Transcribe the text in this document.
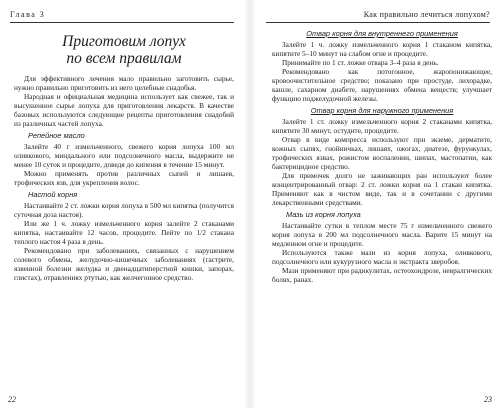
Глава 3
Приготовим лопух
по всем правилам

Для эффективного лечения мало правильно заготовить сырье, нужно правильно приготовить из него целебные снадобья.

Народная и официальная медицина использует как свежее, так и высушенное сырье лопуха для приготовления лекарств. В качестве базовых используются следующие рецепты приготовления снадобий из различных частей лопуха.

Репейное масло

Залейте 40 г измельченного, свежего корня лопуха 100 мл оливкового, миндального или подсолнечного масла, выдержите не менее 10 суток и процедите, доведя до кипения в течение 15 минут.

Можно применять против различных сыпей и лишаев, трофических язв, для укрепления волос.

Настой корня

Настаивайте 2 ст. ложки корня лопуха в 500 мл кипятка (получится суточная доза настоя).

Или же 1 ч. ложку измельченного корня залейте 2 стаканами кипятка, настаивайте 12 часов, процедите. Пейте по 1/2 стакана теплого настоя 4 раза в день.

Рекомендовано при заболеваниях, связанных с нарушением солевого обмена, желудочно-кишечных заболеваниях (гастрите, язвенной болезни желудка и двенадцатиперстной кишки, запорах, глистах), отравлениях ртутью, как желчегонное средство.

22
Как правильно лечиться лопухом?
Отвар корня для внутреннего применения

Залейте 1 ч. ложку измельченного корня 1 стаканом кипятка, кипятите 5–10 минут на слабом огне и процедите.

Принимайте по 1 ст. ложке отвара 3–4 раза в день.

Рекомендовано как потогонное, жаропонижающее, кровоочистительное средство; показано при простуде, лихорадке, кашле, сахарном диабете, нарушениях обмена веществ; улучшает функцию поджелудочной железы.

Отвар корня для наружного применения

Залейте 1 ст. ложку измельченного корня 2 стаканами кипятка, кипятите 30 минут, остудите, процедите.

Отвар в виде компресса используют при экземе, дерматите, кожных сыпях, гнойничках, лишаях, ожогах, диатезе, фурункулах, трофических язвах, рожистом воспалении, шипах, мастопатии, как бактерицидное средство.

Для примочек долго не заживающих ран используют более концентрированный отвар: 2 ст. ложки корня на 1 стакан кипятка. Применяют как в чистом виде, так и в сочетании с другими лекарственными средствами.

Мазь из корня лопуха

Настаивайте сутки в теплом месте 75 г измельченного свежего корня лопуха в 200 мл подсолнечного масла. Варите 15 минут на медленном огне и процедите.

Используются также мази из корня лопуха, оливкового, подсолнечного или кукурузного масла и экстракта зверобоя.

Мази применяют при радикулитах, остеохондрозе, невралгических болях, ранах.

23
